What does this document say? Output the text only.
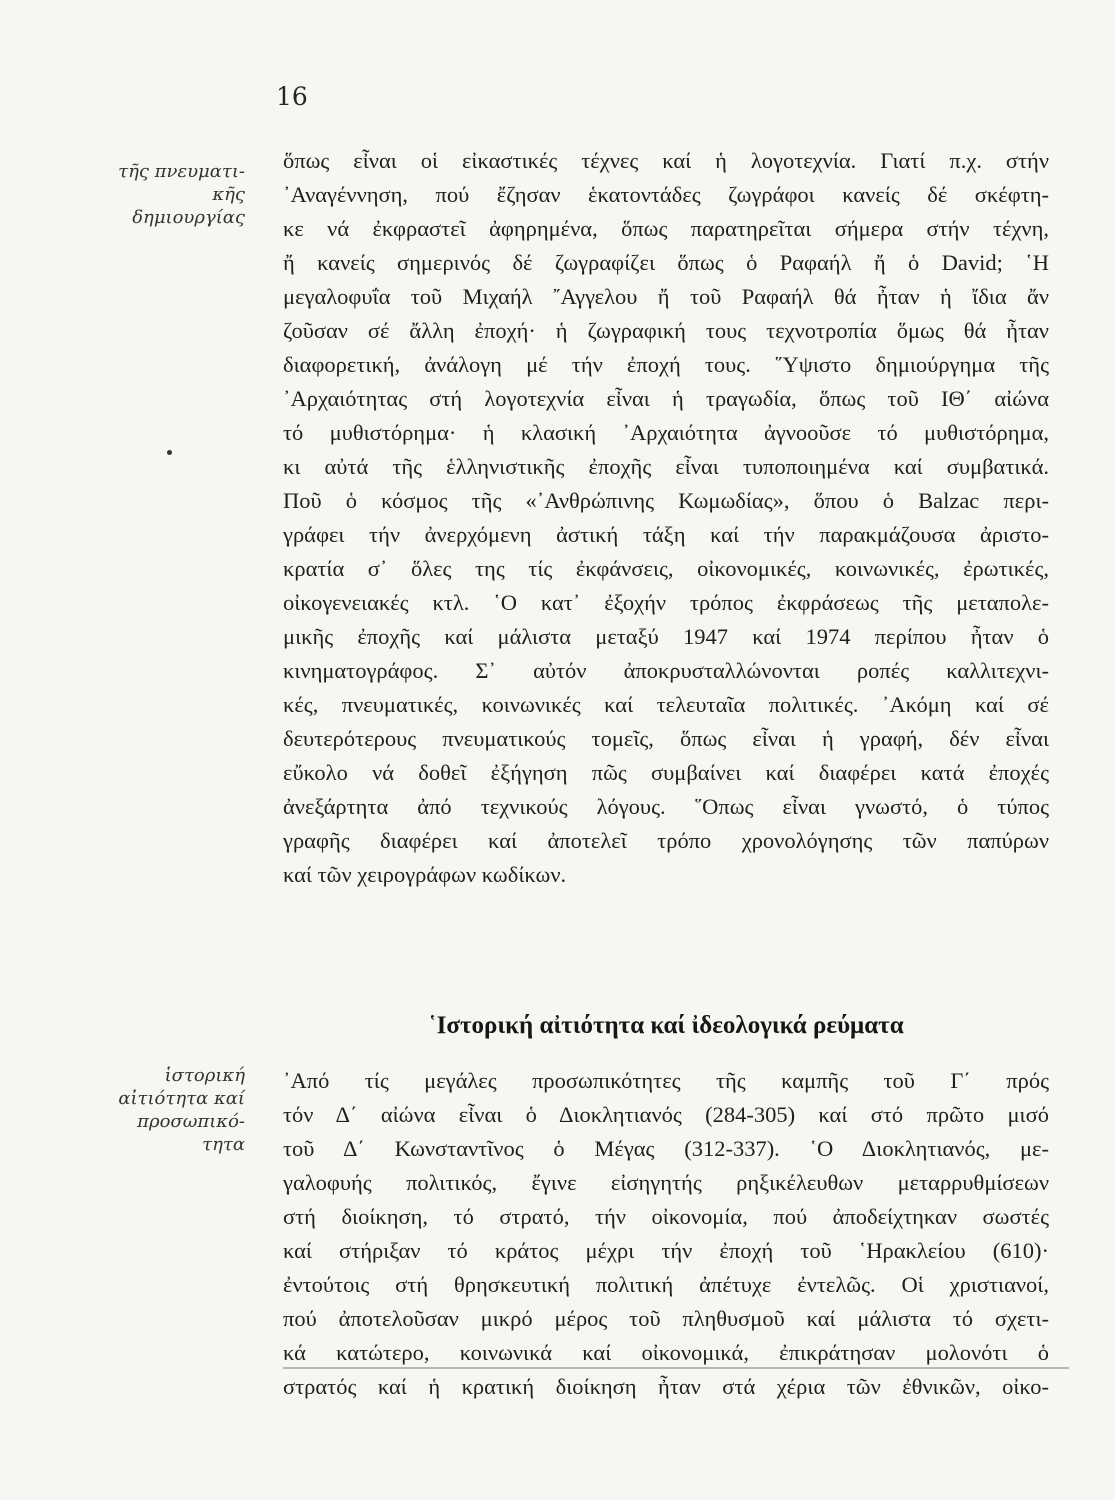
16
τῆς πνευματι-
κῆς
δημιουργίας
ὅπως εἶναι οἱ εἰκαστικές τέχνες καί ἡ λογοτεχνία. Γιατί π.χ. στήν
᾽Αναγέννηση, πού ἔζησαν ἑκατοντάδες ζωγράφοι κανείς δέ σκέφτη-
κε νά ἐκφραστεῖ ἀφηρημένα, ὅπως παρατηρεῖται σήμερα στήν τέχνη,
ἤ κανείς σημερινός δέ ζωγραφίζει ὅπως ὁ Ραφαήλ ἤ ὁ David; ῾Η
μεγαλοφυΐα τοῦ Μιχαήλ ῎Αγγελου ἤ τοῦ Ραφαήλ θά ἦταν ἡ ἴδια ἄν
ζοῦσαν σέ ἄλλη ἐποχή· ἡ ζωγραφική τους τεχνοτροπία ὅμως θά ἦταν
διαφορετική, ἀνάλογη μέ τήν ἐποχή τους. ῞Υψιστο δημιούργημα τῆς
᾽Αρχαιότητας στή λογοτεχνία εἶναι ἡ τραγωδία, ὅπως τοῦ ΙΘ΄ αἰώνα
τό μυθιστόρημα· ἡ κλασική ᾽Αρχαιότητα ἀγνοοῦσε τό μυθιστόρημα,
κι αὐτά τῆς ἑλληνιστικῆς ἐποχῆς εἶναι τυποποιημένα καί συμβατικά.
Ποῦ ὁ κόσμος τῆς «᾽Ανθρώπινης Κωμωδίας», ὅπου ὁ Balzac περι-
γράφει τήν ἀνερχόμενη ἀστική τάξη καί τήν παρακμάζουσα ἀριστο-
κρατία σ᾽ ὅλες της τίς ἐκφάνσεις, οἰκονομικές, κοινωνικές, ἐρωτικές,
οἰκογενειακές κτλ. ῾Ο κατ᾽ ἐξοχήν τρόπος ἐκφράσεως τῆς μεταπολε-
μικῆς ἐποχῆς καί μάλιστα μεταξύ 1947 καί 1974 περίπου ἦταν ὁ
κινηματογράφος. Σ᾽ αὐτόν ἀποκρυσταλλώνονται ροπές καλλιτεχνι-
κές, πνευματικές, κοινωνικές καί τελευταῖα πολιτικές. ᾽Ακόμη καί σέ
δευτερότερους πνευματικούς τομεῖς, ὅπως εἶναι ἡ γραφή, δέν εἶναι
εὔκολο νά δοθεῖ ἐξήγηση πῶς συμβαίνει καί διαφέρει κατά ἐποχές
ἀνεξάρτητα ἀπό τεχνικούς λόγους. ῞Οπως εἶναι γνωστό, ὁ τύπος
γραφῆς διαφέρει καί ἀποτελεῖ τρόπο χρονολόγησης τῶν παπύρων
καί τῶν χειρογράφων κωδίκων.
῾Ιστορική αἰτιότητα καί ἰδεολογικά ρεύματα
ἱστορική
αἰτιότητα καί
προσωπικό-
τητα
᾽Από τίς μεγάλες προσωπικότητες τῆς καμπῆς τοῦ Γ΄ πρός
τόν Δ΄ αἰώνα εἶναι ὁ Διοκλητιανός (284-305) καί στό πρῶτο μισό
τοῦ Δ΄ Κωνσταντῖνος ὁ Μέγας (312-337). ῾Ο Διοκλητιανός, με-
γαλοφυής πολιτικός, ἔγινε εἰσηγητής ρηξικέλευθων μεταρρυθμίσεων
στή διοίκηση, τό στρατό, τήν οἰκονομία, πού ἀποδείχτηκαν σωστές
καί στήριξαν τό κράτος μέχρι τήν ἐποχή τοῦ ῾Ηρακλείου (610)·
ἐντούτοις στή θρησκευτική πολιτική ἀπέτυχε ἐντελῶς. Οἱ χριστιανοί,
πού ἀποτελοῦσαν μικρό μέρος τοῦ πληθυσμοῦ καί μάλιστα τό σχετι-
κά κατώτερο, κοινωνικά καί οἰκονομικά, ἐπικράτησαν μολονότι ὁ
στρατός καί ἡ κρατική διοίκηση ἦταν στά χέρια τῶν ἐθνικῶν, οἰκο-
